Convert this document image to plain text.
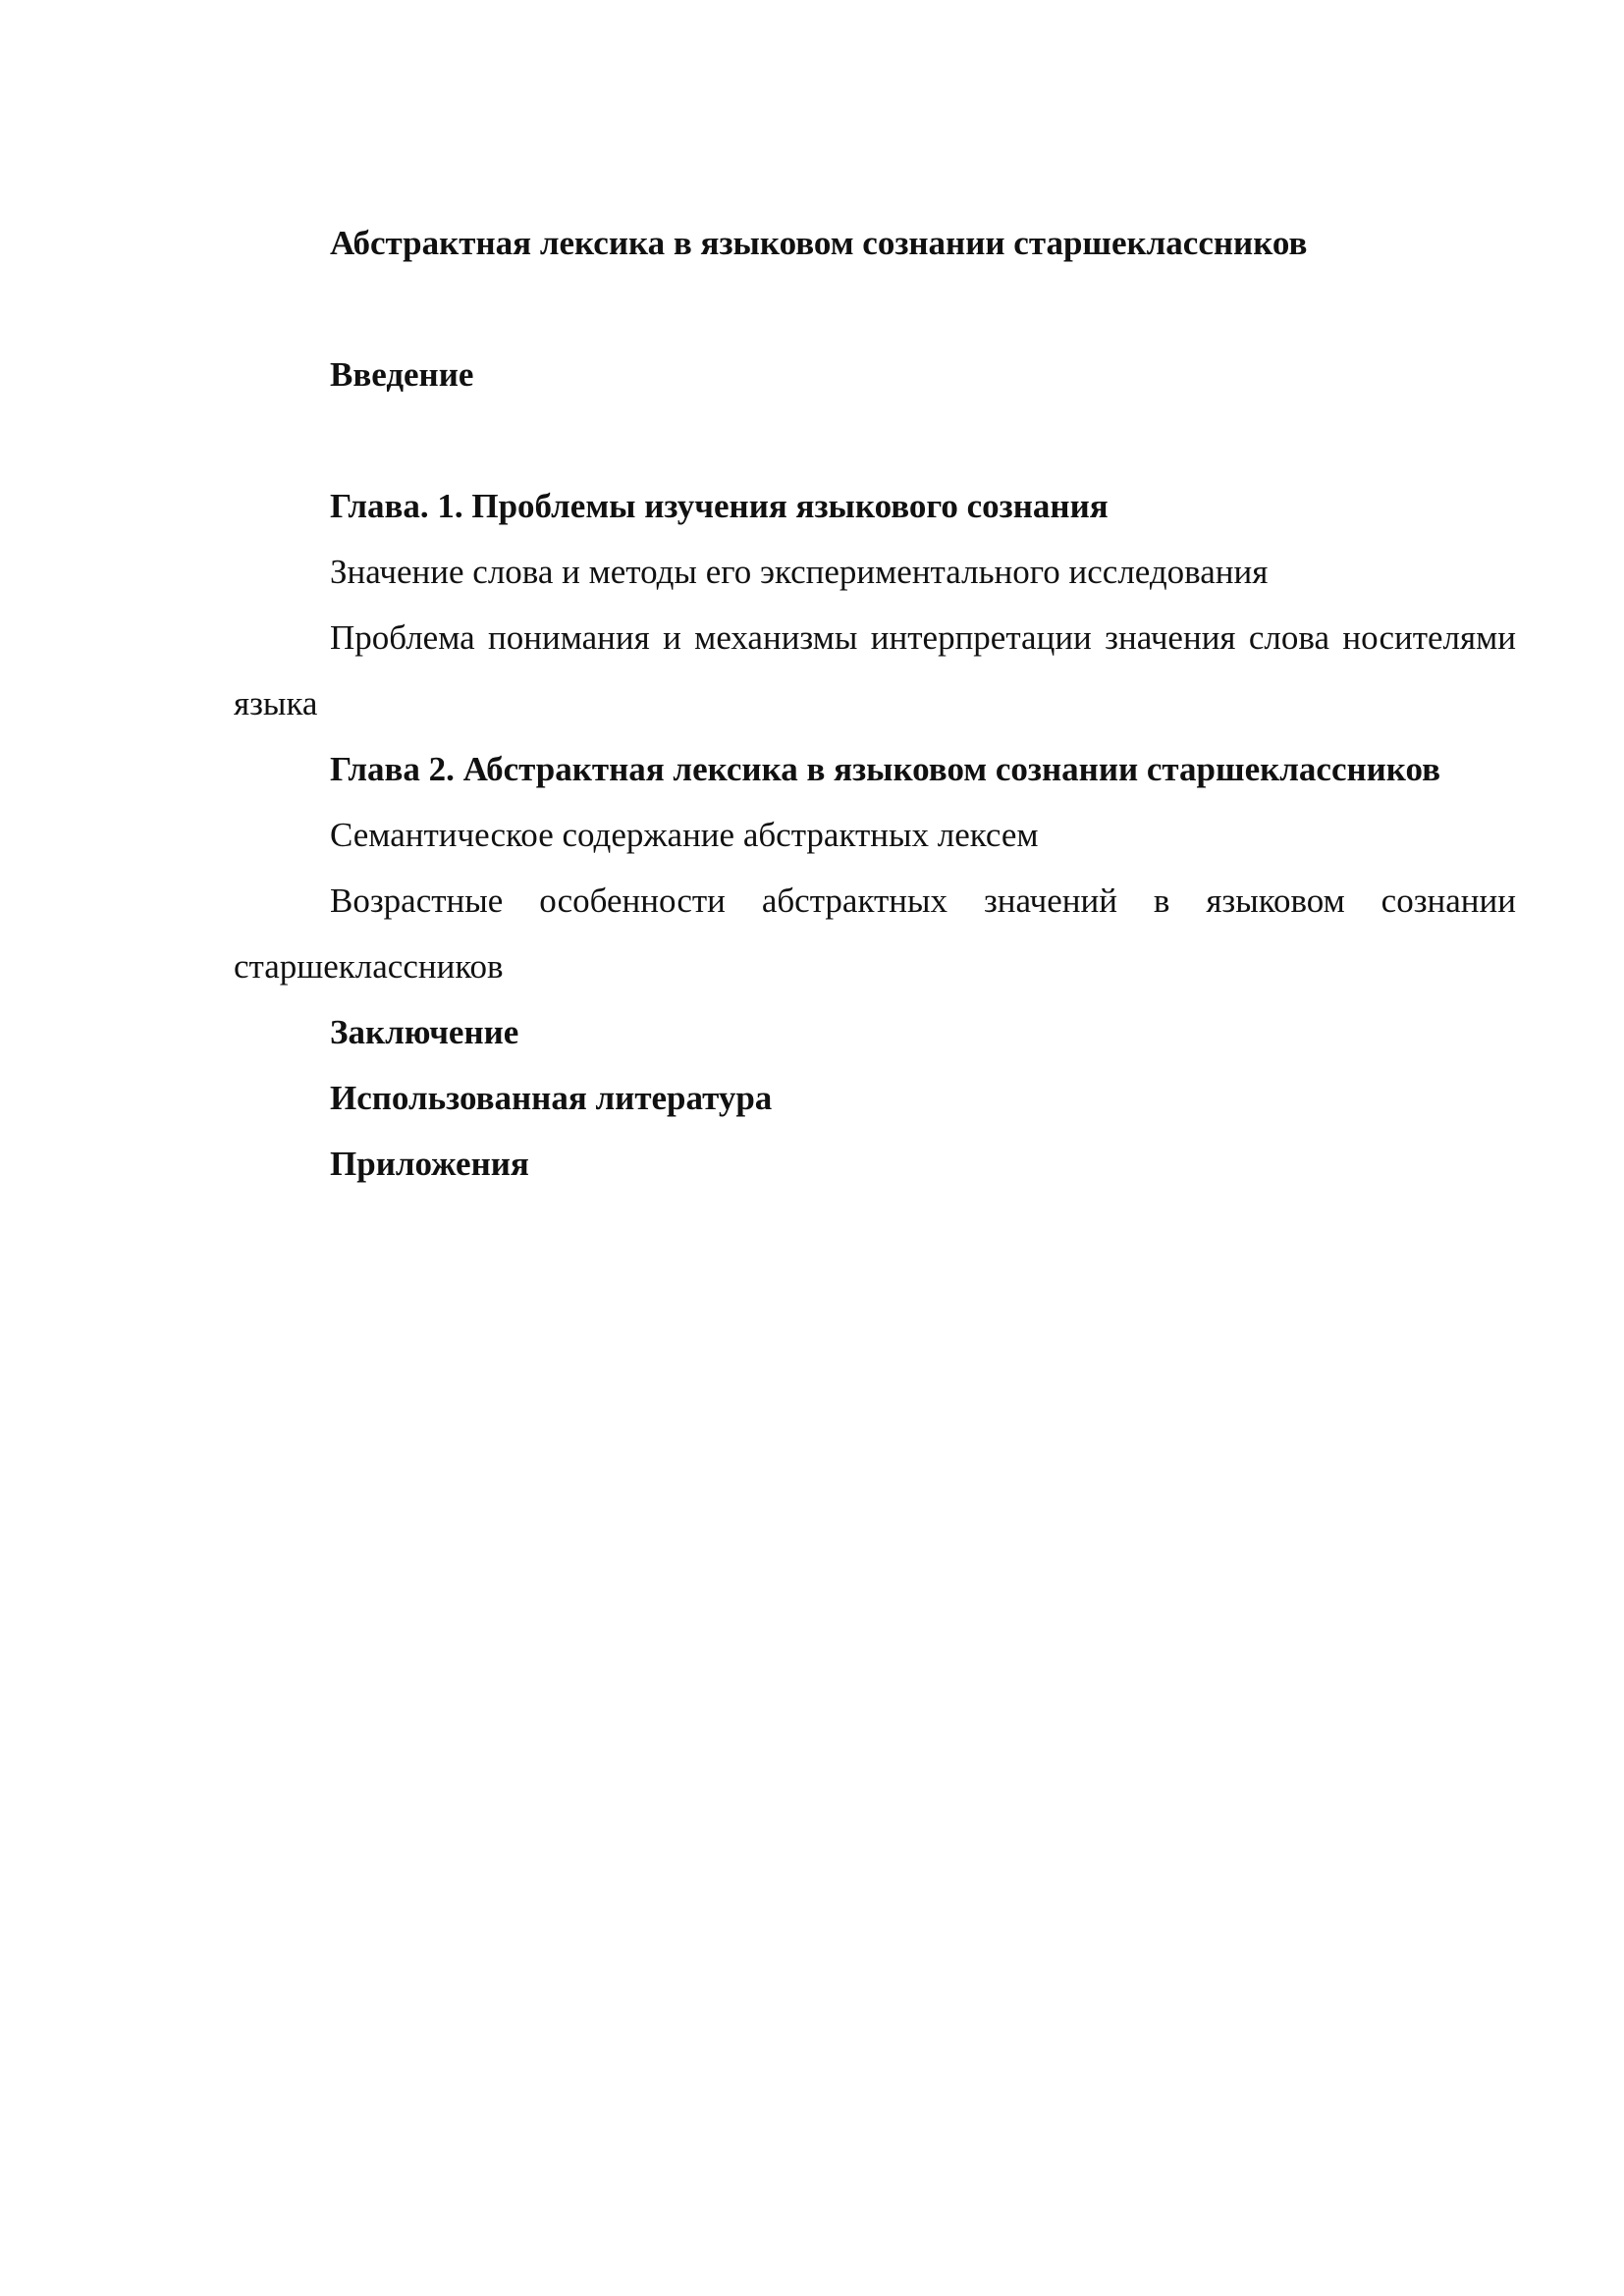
Абстрактная лексика в языковом сознании старшеклассников

Введение

Глава. 1. Проблемы изучения языкового сознания

Значение слова и методы его экспериментального исследования

Проблема понимания и механизмы интерпретации значения слова носителями языка

Глава 2. Абстрактная лексика в языковом сознании старшеклассников

Семантическое содержание абстрактных лексем

Возрастные особенности абстрактных значений в языковом сознании старшеклассников

Заключение

Использованная литература

Приложения
